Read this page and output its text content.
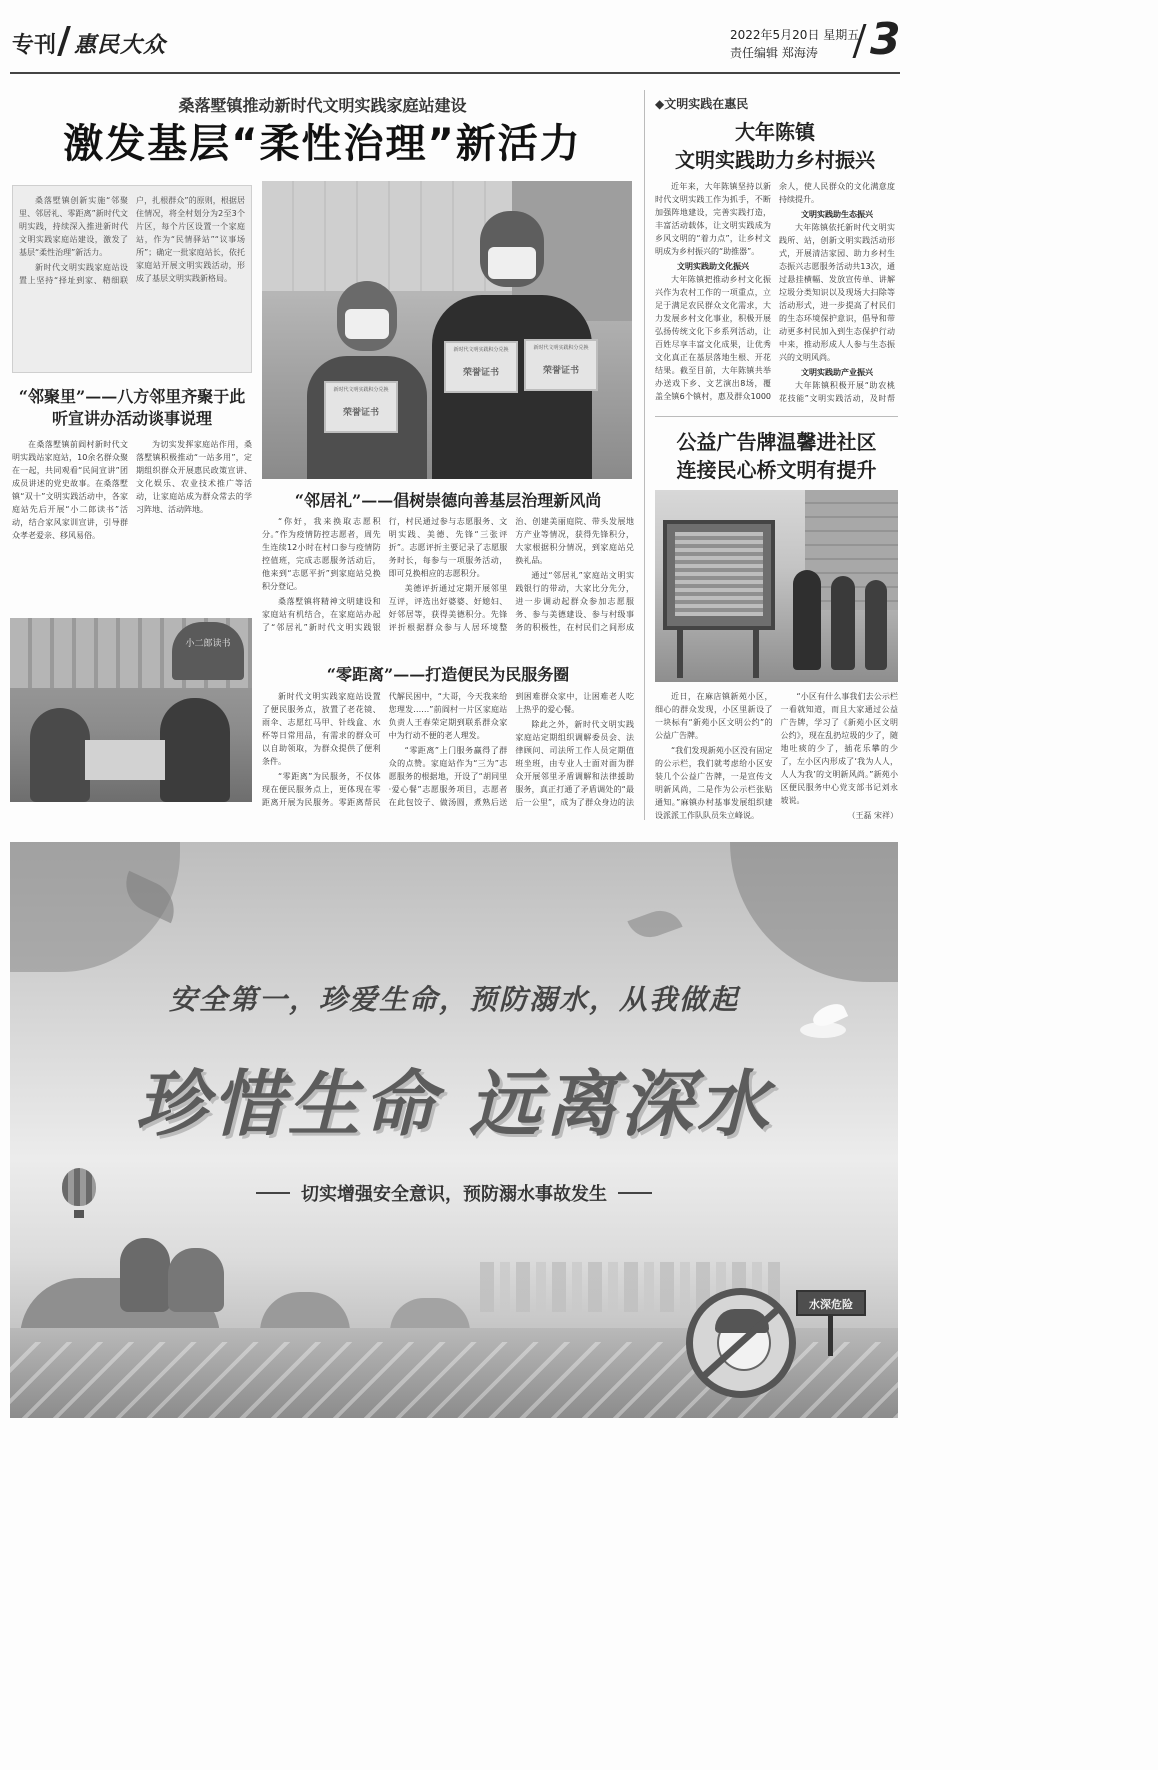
专刊 惠民大众	2022年5月20日 星期五
责任编辑 郑海涛 3
桑落墅镇推动新时代文明实践家庭站建设
激发基层“柔性治理”新活力

桑落墅镇创新实施“邻聚里、邻居礼、零距离”新时代文明实践，持续深入推进新时代文明实践家庭站建设，激发了基层“柔性治理”新活力。

新时代文明实践家庭站设置上坚持“择址到家、精细联户，扎根群众”的原则，根据居住情况，将全村划分为2至3个片区，每个片区设置一个家庭站，作为“民情驿站”“议事场所”；确定一批家庭站长，依托家庭站开展文明实践活动，形成了基层文明实践新格局。

新时代文明实践积分兑换
荣誉证书
新时代文明实践积分兑换
荣誉证书
新时代文明实践积分兑换
荣誉证书
“邻聚里”——八方邻里齐聚于此 听宣讲办活动谈事说理

在桑落墅镇前阎村新时代文明实践站家庭站，10余名群众聚在一起，共同观看“民间宣讲”团成员讲述的党史故事。在桑落墅镇“双十”文明实践活动中，各家庭站先后开展“小二郎读书”活动，结合家风家训宣讲，引导群众孝老爱亲、移风易俗。

为切实发挥家庭站作用，桑落墅镇积极推动“一站多用”，定期组织群众开展惠民政策宣讲、文化娱乐、农业技术推广等活动，让家庭站成为群众常去的学习阵地、活动阵地。	“邻居礼”——倡树崇德向善基层治理新风尚

“你好，我来换取志愿积分。”作为疫情防控志愿者，周先生连续12小时在村口参与疫情防控值班，完成志愿服务活动后，他来到“志愿平折”到家庭站兑换积分登记。

桑落墅镇将精神文明建设和家庭站有机结合，在家庭站办起了“邻居礼”新时代文明实践银行，村民通过参与志愿服务、文明实践、美德、先锋“三张评折”。志愿评折主要记录了志愿服务时长，每参与一项服务活动，即可兑换相应的志愿积分。

美德评折通过定期开展邻里互评，评选出好婆婆、好媳妇、好邻居等，获得美德积分。先锋评折根据群众参与人居环境整治、创建美丽庭院、带头发展地方产业等情况，获得先锋积分，大家根据积分情况，到家庭站兑换礼品。

通过“邻居礼”家庭站文明实践银行的带动，大家比分先分，进一步调动起群众参加志愿服务、参与美德建设、参与村级事务的积极性，在村民们之间形成

小二郎读书
“零距离”——打造便民为民服务圈

新时代文明实践家庭站设置了便民服务点，放置了老花镜、雨伞、志愿红马甲、针线盒、水杯等日常用品，有需求的群众可以自助领取，为群众提供了便利条件。

“零距离”为民服务，不仅体现在便民服务点上，更体现在零距离开展为民服务。零距离帮民代解民困中，“大哥，今天我来给您理发……”前阎村一片区家庭站负责人王春荣定期到联系群众家中为行动不便的老人理发。

“零距离”上门服务赢得了群众的点赞。家庭站作为“三为”志愿服务的根据地，开设了“胡同里·爱心餐”志愿服务项目，志愿者在此包饺子、做汤圆，煮熟后送到困难群众家中，让困难老人吃上热乎的爱心餐。

除此之外，新时代文明实践家庭站定期组织调解委员会、法律顾问、司法所工作人员定期值班坐班，由专业人士面对面为群众开展邻里矛盾调解和法律援助服务，真正打通了矛盾调处的“最后一公里”，成为了群众身边的法

◆文明实践在惠民
大年陈镇
文明实践助力乡村振兴

近年来，大年陈镇坚持以新时代文明实践工作为抓手，不断加强阵地建设，完善实践打造，丰富活动载体，让文明实践成为乡风文明的“着力点”，让乡村文明成为乡村振兴的“助推器”。

文明实践助文化振兴

大年陈镇把推动乡村文化振兴作为农村工作的一项重点，立足于满足农民群众文化需求，大力发展乡村文化事业，积极开展弘扬传统文化下乡系列活动，让百姓尽享丰富文化成果，让优秀文化真正在基层落地生根、开花结果。截至目前，大年陈镇共举办送戏下乡、文艺演出8场，覆盖全镇6个镇村，惠及群众1000余人，使人民群众的文化满意度持续提升。

文明实践助生态振兴

大年陈镇依托新时代文明实践所、站，创新文明实践活动形式，开展清洁家园、助力乡村生态振兴志愿服务活动共13次，通过悬挂横幅、发放宣传单、讲解垃圾分类知识以及现场大扫除等活动形式，进一步提高了村民们的生态环境保护意识，倡导和带动更多村民加入到生态保护行动中来，推动形成人人参与生态振兴的文明风尚。

文明实践助产业振兴

大年陈镇积极开展“助农桃花技能”文明实践活动，及时帮

公益广告牌温馨进社区
连接民心桥文明有提升

近日，在麻店镇新苑小区，细心的群众发现，小区里新设了一块标有“新苑小区文明公约”的公益广告牌。

“我们发现新苑小区没有固定的公示栏，我们就考虑给小区安装几个公益广告牌，一是宣传文明新风尚，二是作为公示栏张贴通知。”麻镇办村基事发展组织建设派派工作队队员朱立峰说。

“小区有什么事我们去公示栏一看就知道，而且大家通过公益广告牌，学习了《新苑小区文明公约》，现在乱扔垃圾的少了，随地吐痰的少了，插花乐攀的少了，左小区内形成了‘我为人人，人人为我’的文明新风尚。”新苑小区便民服务中心党支部书记刘永坡说。

（王磊 宋祥）

安全第一，珍爱生命，预防溺水，从我做起
珍惜生命 远离深水
切实增强安全意识，预防溺水事故发生
水深危险
